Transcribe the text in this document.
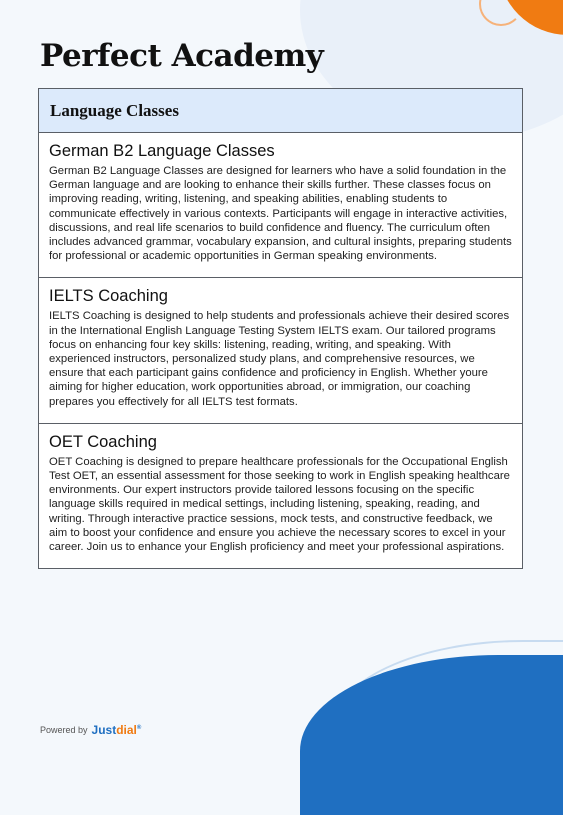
Perfect Academy
Language Classes
German B2 Language Classes

German B2 Language Classes are designed for learners who have a solid foundation in the German language and are looking to enhance their skills further. These classes focus on improving reading, writing, listening, and speaking abilities, enabling students to communicate effectively in various contexts. Participants will engage in interactive activities, discussions, and real life scenarios to build confidence and fluency. The curriculum often includes advanced grammar, vocabulary expansion, and cultural insights, preparing students for professional or academic opportunities in German speaking environments.

IELTS Coaching

IELTS Coaching is designed to help students and professionals achieve their desired scores in the International English Language Testing System IELTS exam. Our tailored programs focus on enhancing four key skills: listening, reading, writing, and speaking. With experienced instructors, personalized study plans, and comprehensive resources, we ensure that each participant gains confidence and proficiency in English. Whether youre aiming for higher education, work opportunities abroad, or immigration, our coaching prepares you effectively for all IELTS test formats.

OET Coaching

OET Coaching is designed to prepare healthcare professionals for the Occupational English Test OET, an essential assessment for those seeking to work in English speaking healthcare environments. Our expert instructors provide tailored lessons focusing on the specific language skills required in medical settings, including listening, speaking, reading, and writing. Through interactive practice sessions, mock tests, and constructive feedback, we aim to boost your confidence and ensure you achieve the necessary scores to excel in your career. Join us to enhance your English proficiency and meet your professional aspirations.

Powered by Justdial®
